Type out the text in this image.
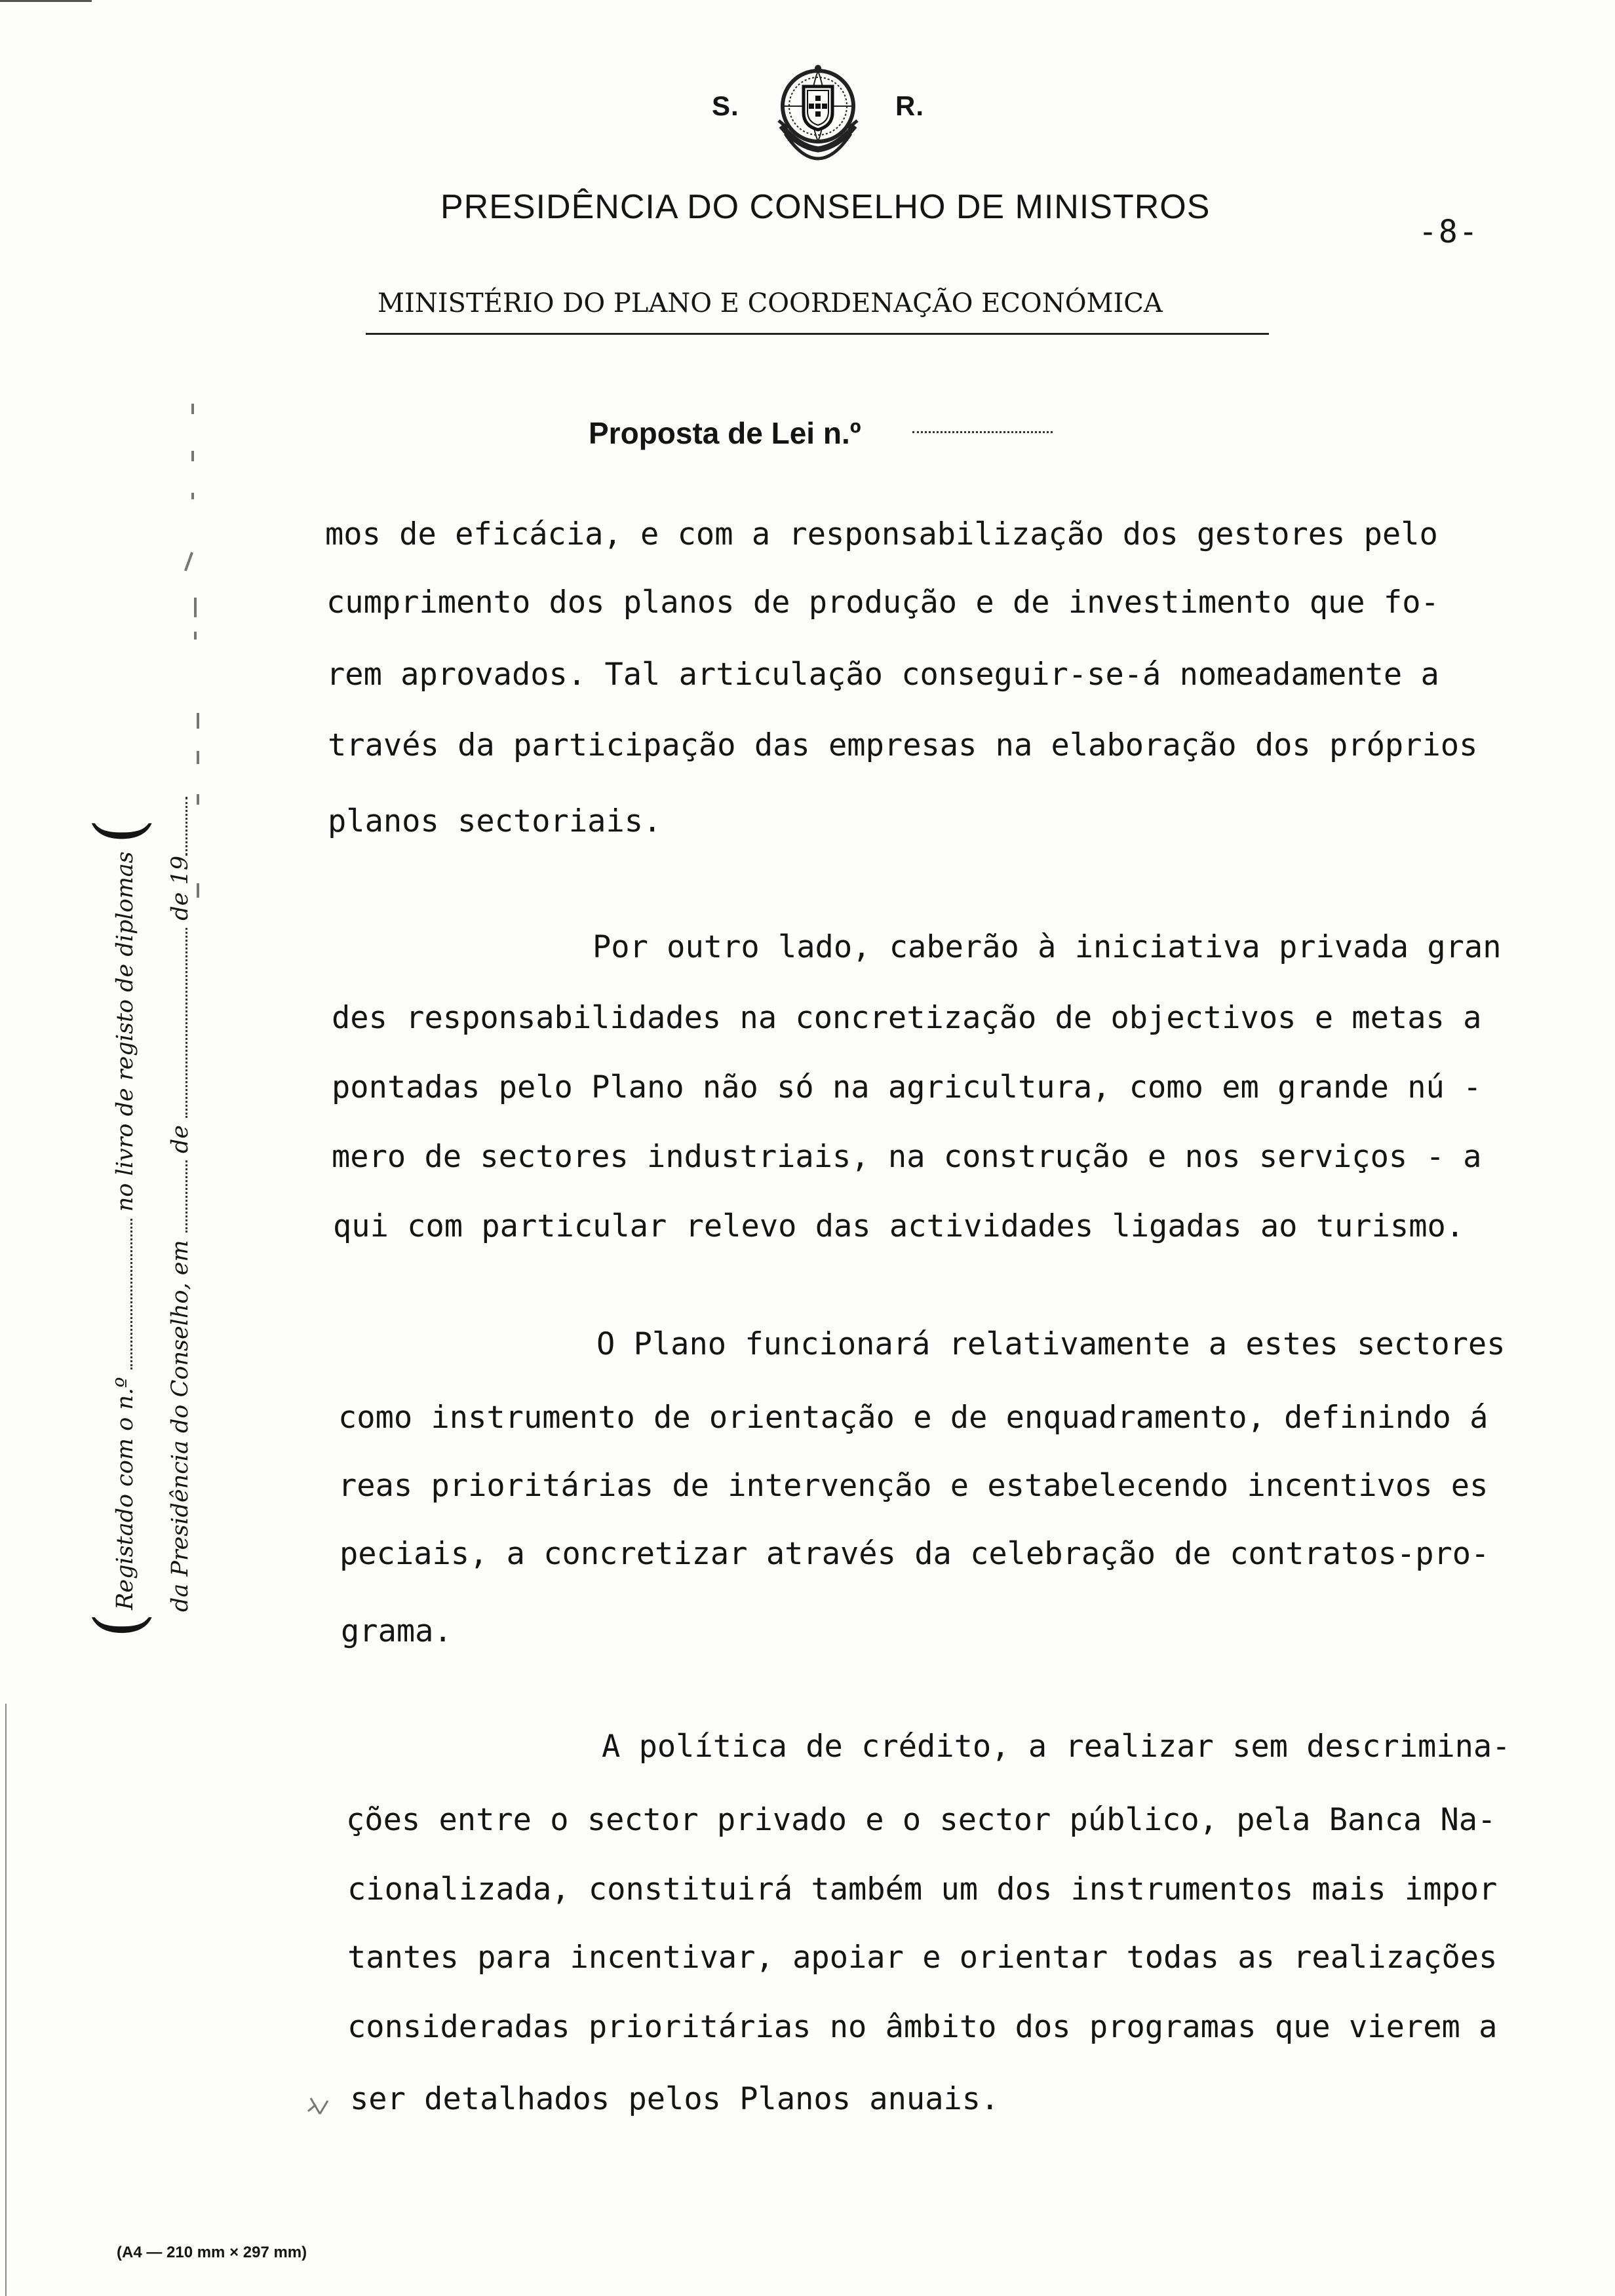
S.	R.
PRESIDÊNCIA DO CONSELHO DE MINISTROS
-8-
MINISTÉRIO DO PLANO E COORDENAÇÃO ECONÓMICA
Proposta de Lei n.º
(Registado com o n.º  no livro de registo de diplomas (
da Presidência do Conselho, em  de  de 19
mos de eficácia, e com a responsabilização dos gestores pelo
cumprimento dos planos de produção e de investimento que fo-
rem aprovados. Tal articulação conseguir-se-á nomeadamente a
través da participação das empresas na elaboração dos próprios
planos sectoriais.
Por outro lado, caberão à iniciativa privada gran
des responsabilidades na concretização de objectivos e metas a
pontadas pelo Plano não só na agricultura, como em grande nú -
mero de sectores industriais, na construção e nos serviços - a
qui com particular relevo das actividades ligadas ao turismo.
O Plano funcionará relativamente a estes sectores
como instrumento de orientação e de enquadramento, definindo á
reas prioritárias de intervenção e estabelecendo incentivos es
peciais, a concretizar através da celebração de contratos-pro-
grama.
A política de crédito, a realizar sem descrimina-
ções entre o sector privado e o sector público, pela Banca Na-
cionalizada, constituirá também um dos instrumentos mais impor
tantes para incentivar, apoiar e orientar todas as realizações
consideradas prioritárias no âmbito dos programas que vierem a
ser detalhados pelos Planos anuais.
(A4 — 210 mm × 297 mm)
